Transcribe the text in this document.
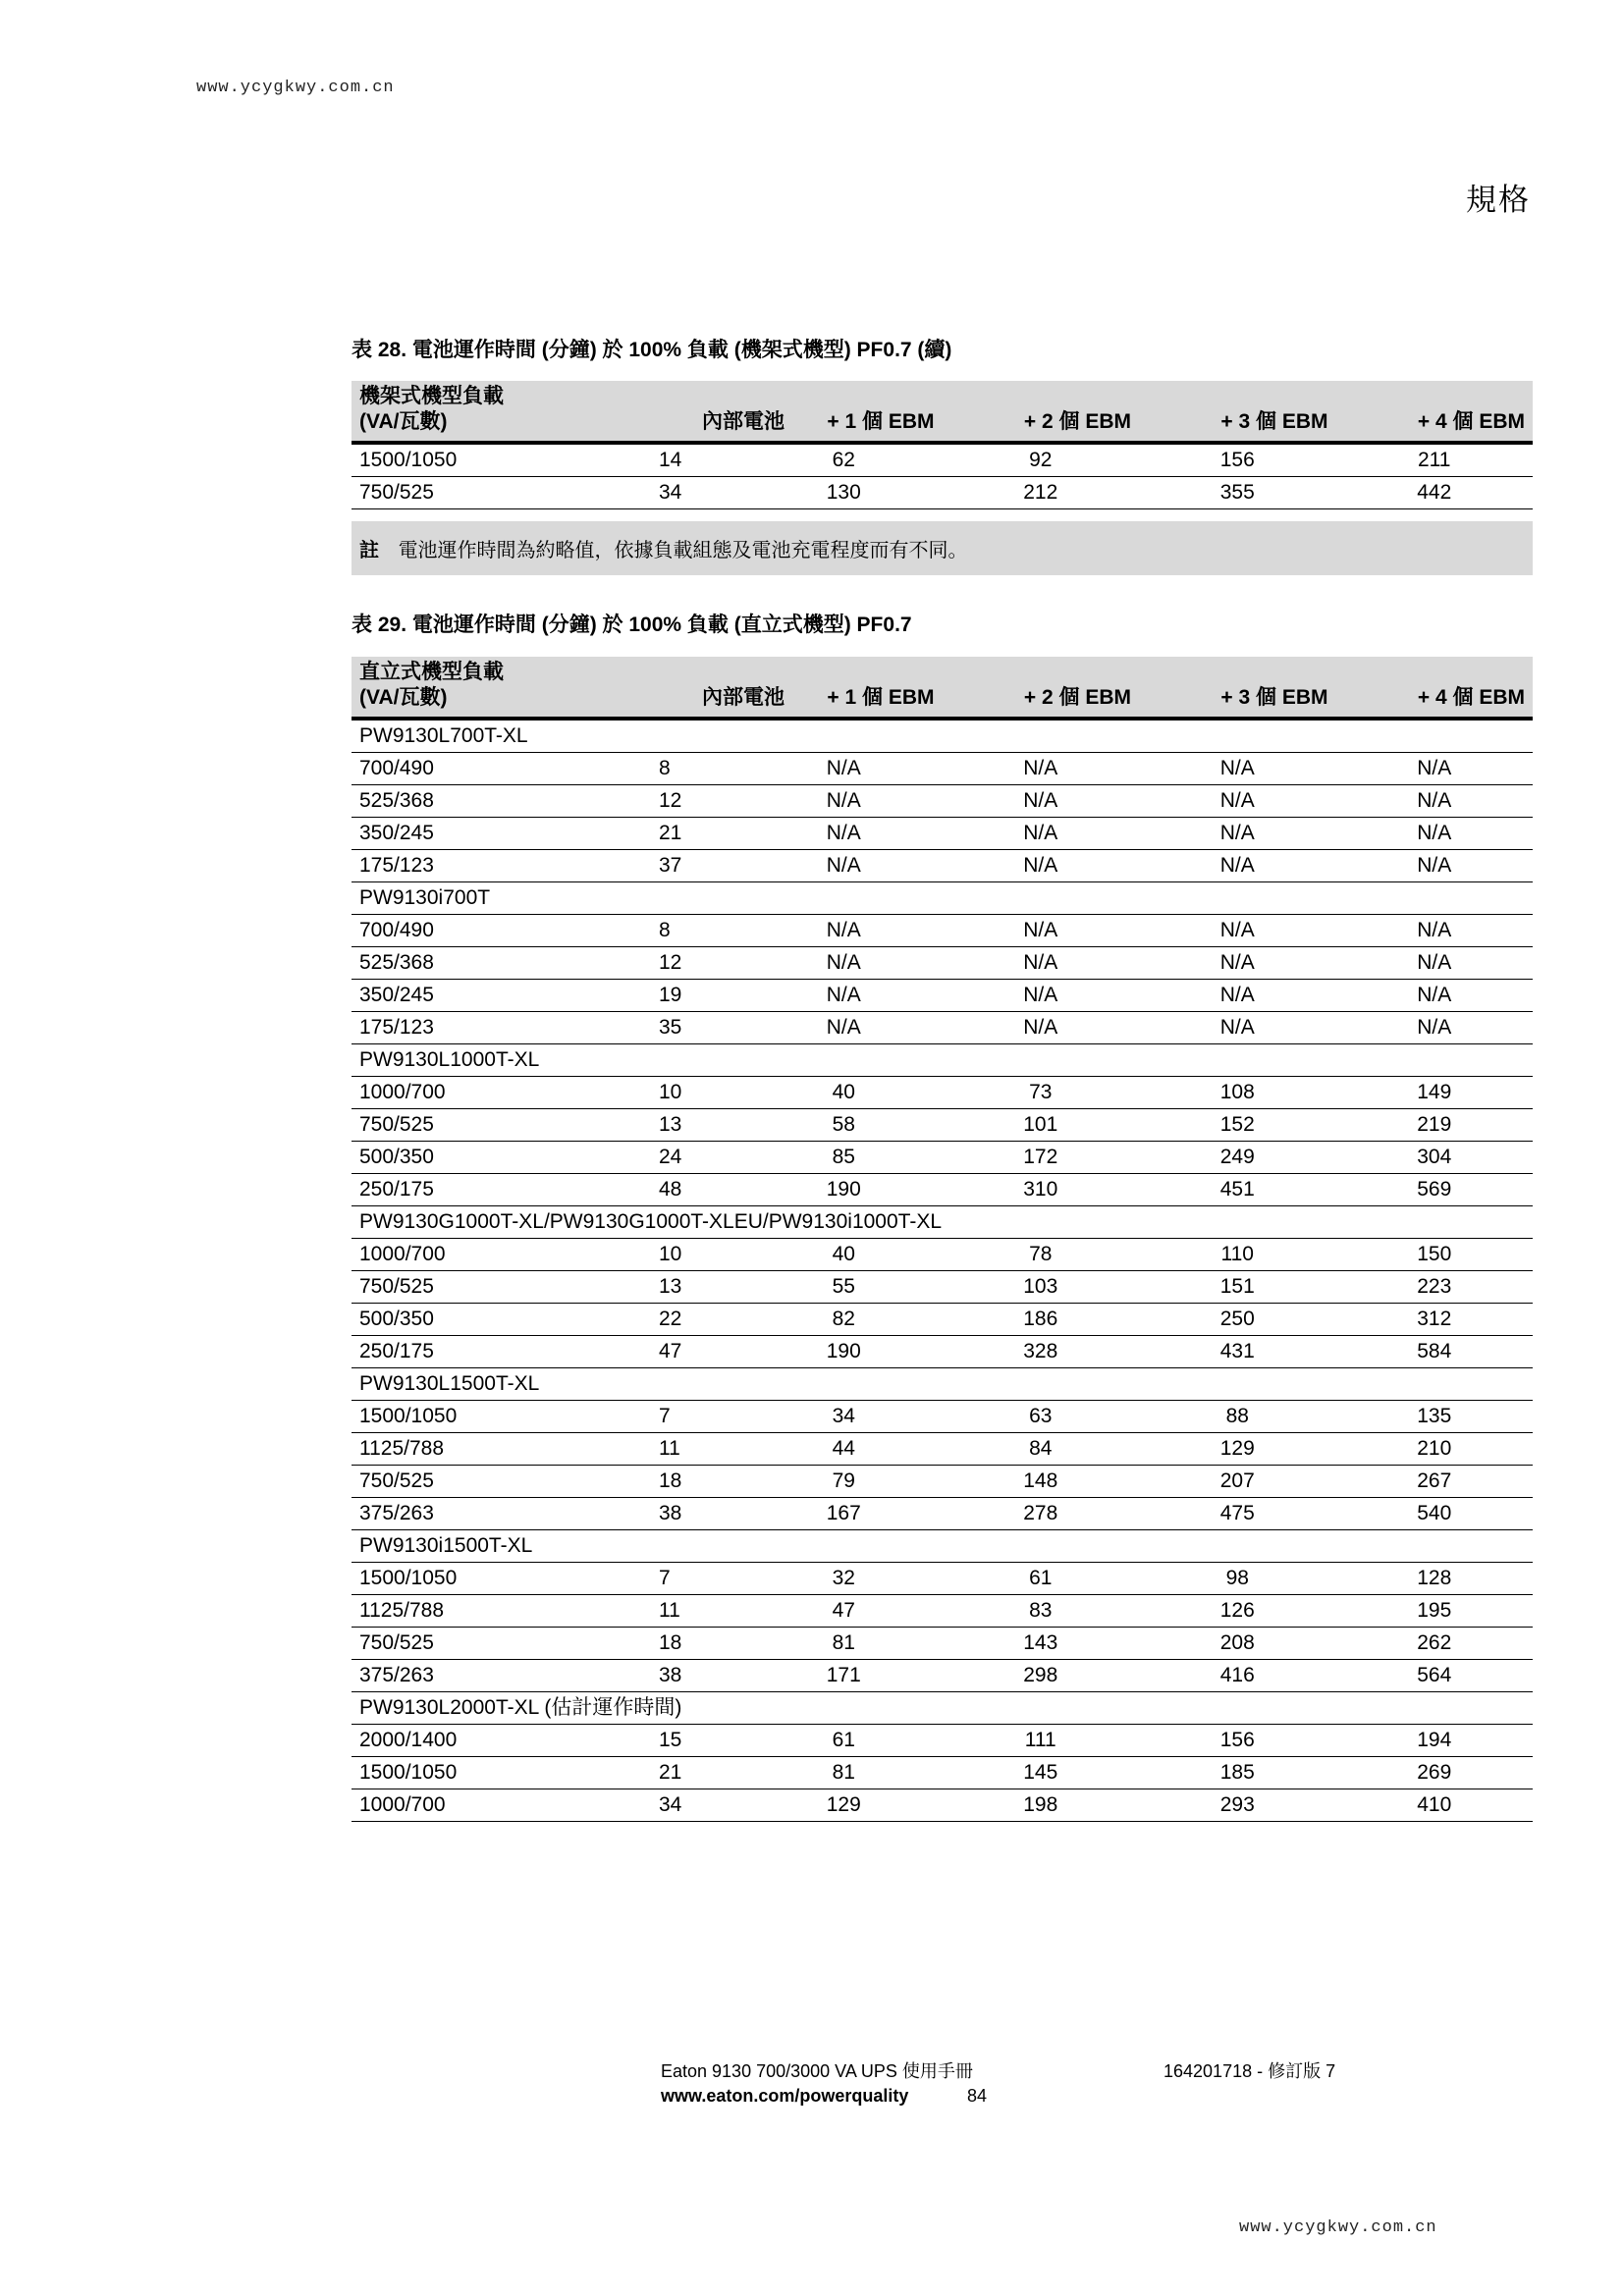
www.ycygkwy.com.cn
規格
表 28. 電池運作時間 (分鐘) 於 100% 負載 (機架式機型) PF0.7 (續)
機架式機型負載
(VA/瓦數)	內部電池	+ 1 個 EBM	+ 2 個 EBM	+ 3 個 EBM	+ 4 個 EBM
1500/1050	14	62	92	156	211
750/525	34	130	212	355	442
註 電池運作時間為約略值，依據負載組態及電池充電程度而有不同。
表 29. 電池運作時間 (分鐘) 於 100% 負載 (直立式機型) PF0.7
直立式機型負載
(VA/瓦數)	內部電池	+ 1 個 EBM	+ 2 個 EBM	+ 3 個 EBM	+ 4 個 EBM
PW9130L700T-XL					
700/490	8	N/A	N/A	N/A	N/A
525/368	12	N/A	N/A	N/A	N/A
350/245	21	N/A	N/A	N/A	N/A
175/123	37	N/A	N/A	N/A	N/A
PW9130i700T					
700/490	8	N/A	N/A	N/A	N/A
525/368	12	N/A	N/A	N/A	N/A
350/245	19	N/A	N/A	N/A	N/A
175/123	35	N/A	N/A	N/A	N/A
PW9130L1000T-XL					
1000/700	10	40	73	108	149
750/525	13	58	101	152	219
500/350	24	85	172	249	304
250/175	48	190	310	451	569
PW9130G1000T-XL/PW9130G1000T-XLEU/PW9130i1000T-XL					
1000/700	10	40	78	110	150
750/525	13	55	103	151	223
500/350	22	82	186	250	312
250/175	47	190	328	431	584
PW9130L1500T-XL					
1500/1050	7	34	63	88	135
1125/788	11	44	84	129	210
750/525	18	79	148	207	267
375/263	38	167	278	475	540
PW9130i1500T-XL					
1500/1050	7	32	61	98	128
1125/788	11	47	83	126	195
750/525	18	81	143	208	262
375/263	38	171	298	416	564
PW9130L2000T-XL (估計運作時間)					
2000/1400	15	61	111	156	194
1500/1050	21	81	145	185	269
1000/700	34	129	198	293	410
Eaton 9130 700/3000 VA UPS 使用手冊	164201718 - 修訂版 7
www.eaton.com/powerquality	84
www.ycygkwy.com.cn
